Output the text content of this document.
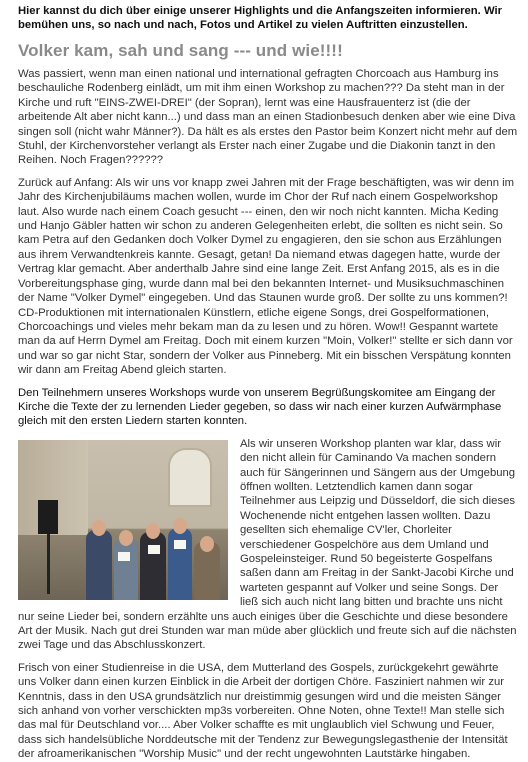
Hier kannst du dich über einige unserer Highlights und die Anfangszeiten informieren. Wir bemühen uns, so nach und nach, Fotos und Artikel zu vielen Auftritten einzustellen.

Volker kam, sah und sang --- und wie!!!!

Was passiert, wenn man einen national und international gefragten Chorcoach aus Hamburg ins beschauliche Rodenberg einlädt, um mit ihm einen Workshop zu machen??? Da steht man in der Kirche und ruft "EINS-ZWEI-DREI" (der Sopran), lernt was eine Hausfrauenterz ist (die der arbeitende Alt aber nicht kann...) und dass man an einen Stadionbesuch denken aber wie eine Diva singen soll (nicht wahr Männer?). Da hält es als erstes den Pastor beim Konzert nicht mehr auf dem Stuhl, der Kirchenvorsteher verlangt als Erster nach einer Zugabe und die Diakonin tanzt in den Reihen. Noch Fragen??????

Zurück auf Anfang: Als wir uns vor knapp zwei Jahren mit der Frage beschäftigten, was wir denn im Jahr des Kirchenjubiläums machen wollen, wurde im Chor der Ruf nach einem Gospelworkshop laut. Also wurde nach einem Coach gesucht --- einen, den wir noch nicht kannten. Micha Keding und Hanjo Gäbler hatten wir schon zu anderen Gelegenheiten erlebt, die sollten es nicht sein. So kam Petra auf den Gedanken doch Volker Dymel zu engagieren, den sie schon aus Erzählungen aus ihrem Verwandtenkreis kannte. Gesagt, getan! Da niemand etwas dagegen hatte, wurde der Vertrag klar gemacht. Aber anderthalb Jahre sind eine lange Zeit. Erst Anfang 2015, als es in die Vorbereitungsphase ging, wurde dann mal bei den bekannten Internet- und Musiksuchmaschinen der Name "Volker Dymel" eingegeben. Und das Staunen wurde groß. Der sollte zu uns kommen?! CD-Produktionen mit internationalen Künstlern, etliche eigene Songs, drei Gospelformationen, Chorcoachings und vieles mehr bekam man da zu lesen und zu hören. Wow!! Gespannt wartete man da auf Herrn Dymel am Freitag. Doch mit einem kurzen "Moin, Volker!" stellte er sich dann vor und war so gar nicht Star, sondern der Volker aus Pinneberg. Mit ein bisschen Verspätung konnten wir dann am Freitag Abend gleich starten.

Den Teilnehmern unseres Workshops wurde von unserem Begrüßungskomitee am Eingang der Kirche die Texte der zu lernenden Lieder gegeben, so dass wir nach einer kurzen Aufwärmphase gleich mit den ersten Liedern starten konnten.

Als wir unseren Workshop planten war klar, dass wir den nicht allein für Caminando Va machen sondern auch für Sängerinnen und Sängern aus der Umgebung öffnen wollten. Letztendlich kamen dann sogar Teilnehmer aus Leipzig und Düsseldorf, die sich dieses Wochenende nicht entgehen lassen wollten. Dazu gesellten sich ehemalige CV'ler, Chorleiter verschiedener Gospelchöre aus dem Umland und Gospeleinsteiger. Rund 50 begeisterte Gospelfans saßen dann am Freitag in der Sankt-Jacobi Kirche und warteten gespannt auf Volker und seine Songs. Der ließ sich auch nicht lang bitten und brachte uns nicht nur seine Lieder bei, sondern erzählte uns auch einiges über die Geschichte und diese besondere Art der Musik. Nach gut drei Stunden war man müde aber glücklich und freute sich auf die nächsten zwei Tage und das Abschlusskonzert.

Frisch von einer Studienreise in die USA, dem Mutterland des Gospels, zurückgekehrt gewährte uns Volker dann einen kurzen Einblick in die Arbeit der dortigen Chöre. Fasziniert nahmen wir zur Kenntnis, dass in den USA grundsätzlich nur dreistimmig gesungen wird und die meisten Sänger sich anhand von vorher verschickten mp3s vorbereiten. Ohne Noten, ohne Texte!! Man stelle sich das mal für Deutschland vor.... Aber Volker schaffte es mit unglaublich viel Schwung und Feuer, dass sich handelsübliche Norddeutsche mit der Tendenz zur Bewegungslegasthenie der Intensität der afroamerikanischen "Worship Music" und der recht ungewohnten Lautstärke hingaben.
